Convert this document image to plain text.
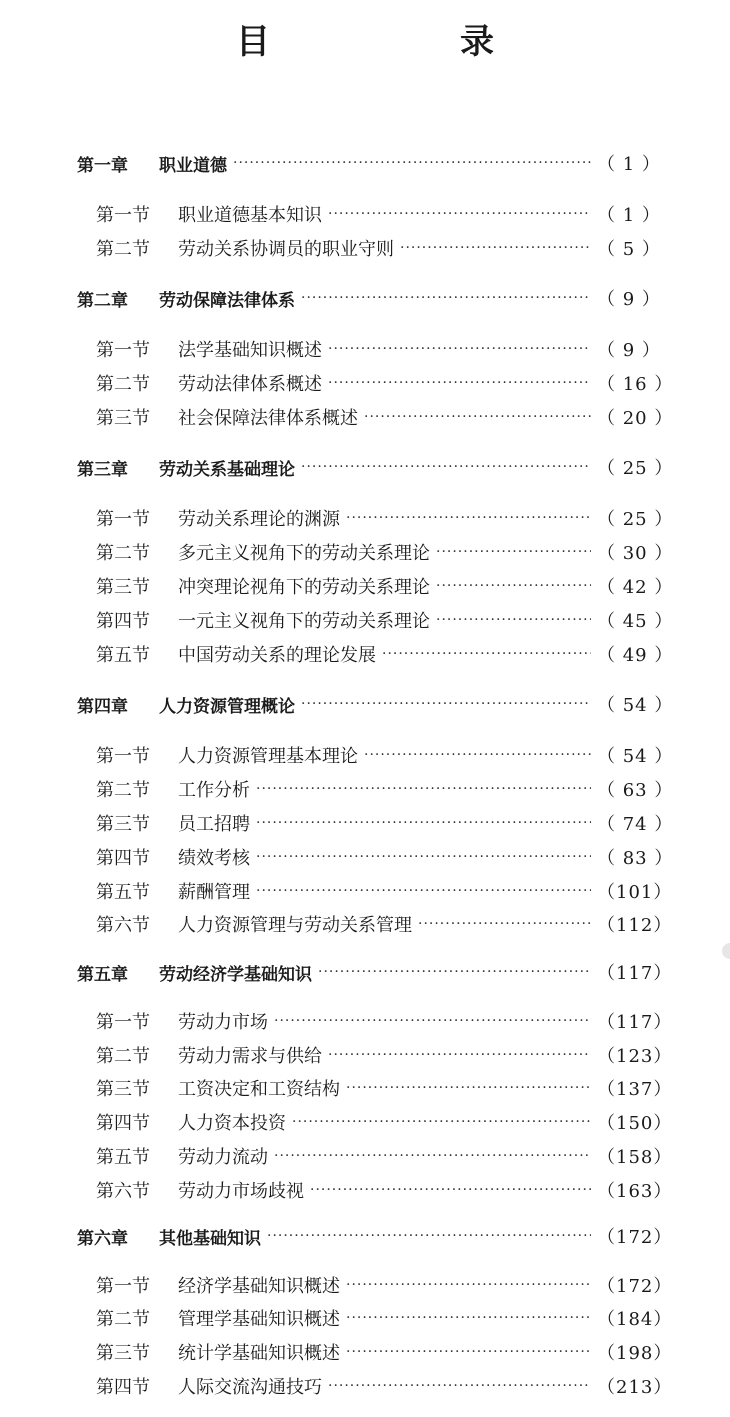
目　录
第一章	职业道德 ·····	（ 1 ）
第一节	职业道德基本知识 ·····	（ 1 ）
第二节	劳动关系协调员的职业守则 ·····	（ 5 ）
第二章	劳动保障法律体系 ·····	（ 9 ）
第一节	法学基础知识概述 ·····	（ 9 ）
第二节	劳动法律体系概述 ·····	（ 16 ）
第三节	社会保障法律体系概述 ·····	（ 20 ）
第三章	劳动关系基础理论 ·····	（ 25 ）
第一节	劳动关系理论的渊源 ·····	（ 25 ）
第二节	多元主义视角下的劳动关系理论 ·····	（ 30 ）
第三节	冲突理论视角下的劳动关系理论 ·····	（ 42 ）
第四节	一元主义视角下的劳动关系理论 ·····	（ 45 ）
第五节	中国劳动关系的理论发展 ·····	（ 49 ）
第四章	人力资源管理概论 ·····	（ 54 ）
第一节	人力资源管理基本理论 ·····	（ 54 ）
第二节	工作分析 ·····	（ 63 ）
第三节	员工招聘 ·····	（ 74 ）
第四节	绩效考核 ·····	（ 83 ）
第五节	薪酬管理 ·····	（101）
第六节	人力资源管理与劳动关系管理 ·····	（112）
第五章	劳动经济学基础知识 ·····	（117）
第一节	劳动力市场 ·····	（117）
第二节	劳动力需求与供给 ·····	（123）
第三节	工资决定和工资结构 ·····	（137）
第四节	人力资本投资 ·····	（150）
第五节	劳动力流动 ·····	（158）
第六节	劳动力市场歧视 ·····	（163）
第六章	其他基础知识 ·····	（172）
第一节	经济学基础知识概述 ·····	（172）
第二节	管理学基础知识概述 ·····	（184）
第三节	统计学基础知识概述 ·····	（198）
第四节	人际交流沟通技巧 ·····	（213）
